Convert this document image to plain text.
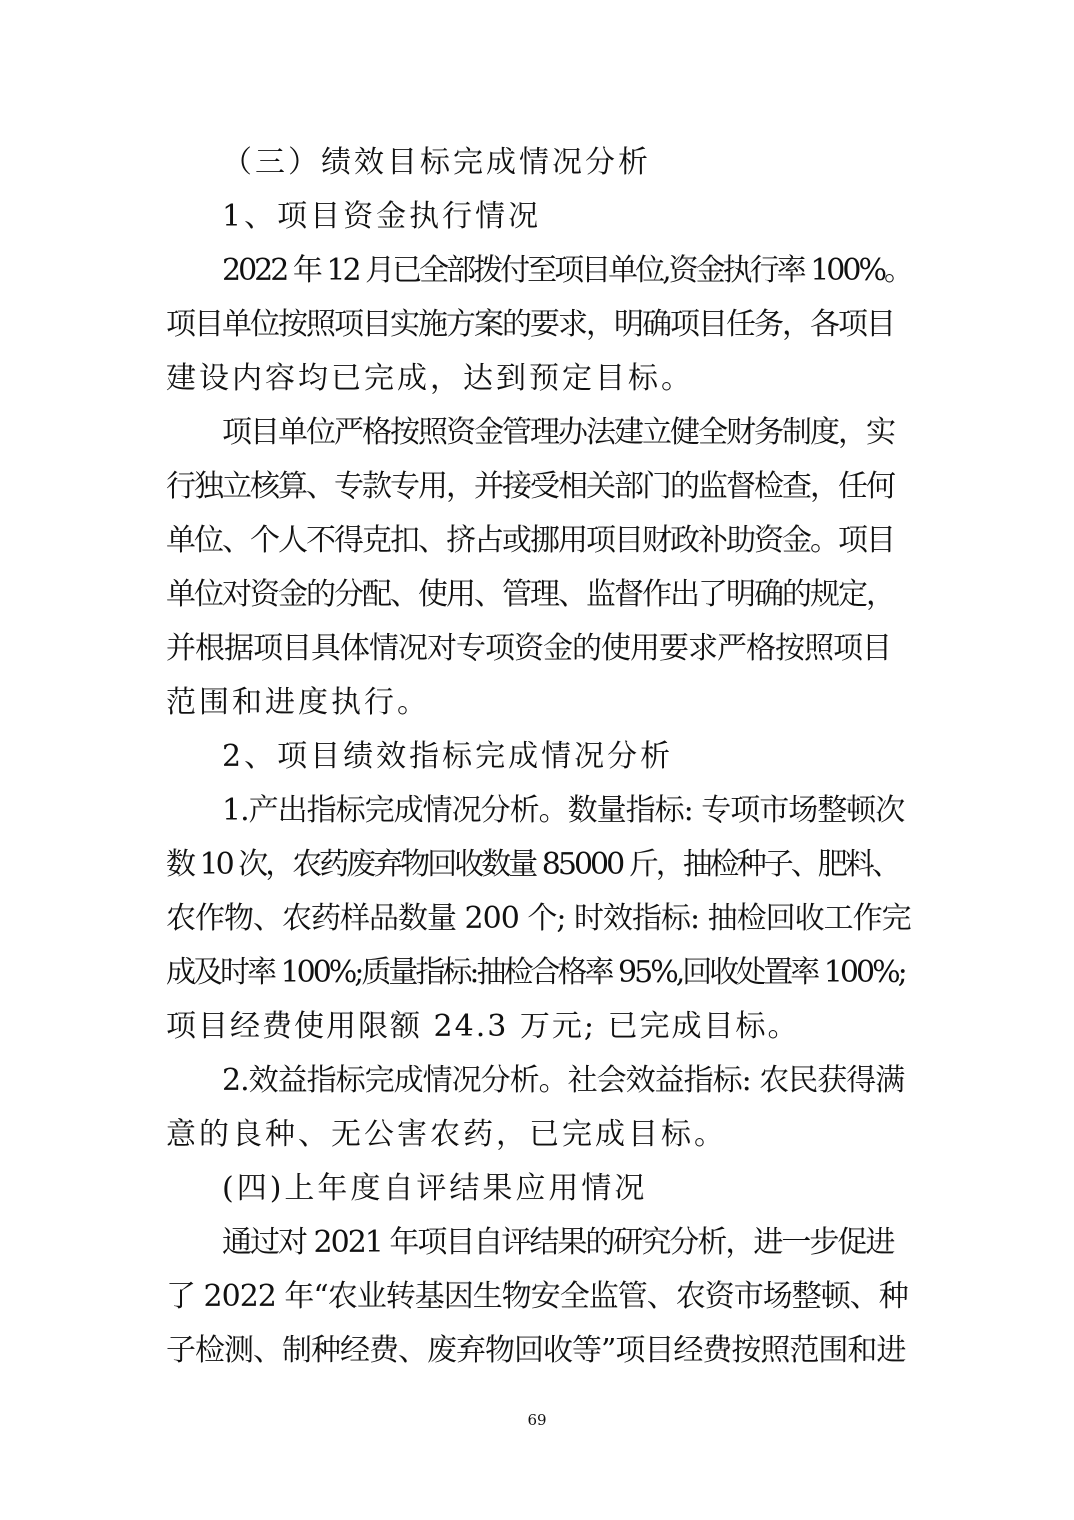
（三）绩效目标完成情况分析
1、项目资金执行情况
2022 年 12 月已全部拨付至项目单位,资金执行率 100%。
项目单位按照项目实施方案的要求，明确项目任务，各项目
建设内容均已完成，达到预定目标。
项目单位严格按照资金管理办法建立健全财务制度，实
行独立核算、专款专用，并接受相关部门的监督检查，任何
单位、个人不得克扣、挤占或挪用项目财政补助资金。项目
单位对资金的分配、使用、管理、监督作出了明确的规定，
并根据项目具体情况对专项资金的使用要求严格按照项目
范围和进度执行。
2、项目绩效指标完成情况分析
1.产出指标完成情况分析。数量指标: 专项市场整顿次
数 10 次，农药废弃物回收数量 85000 斤，抽检种子、肥料、
农作物、农药样品数量 200 个; 时效指标: 抽检回收工作完
成及时率 100%;质量指标:抽检合格率 95%,回收处置率 100%;
项目经费使用限额 24.3 万元; 已完成目标。
2.效益指标完成情况分析。社会效益指标: 农民获得满
意的良种、无公害农药，已完成目标。
(四)上年度自评结果应用情况
通过对 2021 年项目自评结果的研究分析，进一步促进
了 2022 年“农业转基因生物安全监管、农资市场整顿、种
子检测、制种经费、废弃物回收等”项目经费按照范围和进
69
